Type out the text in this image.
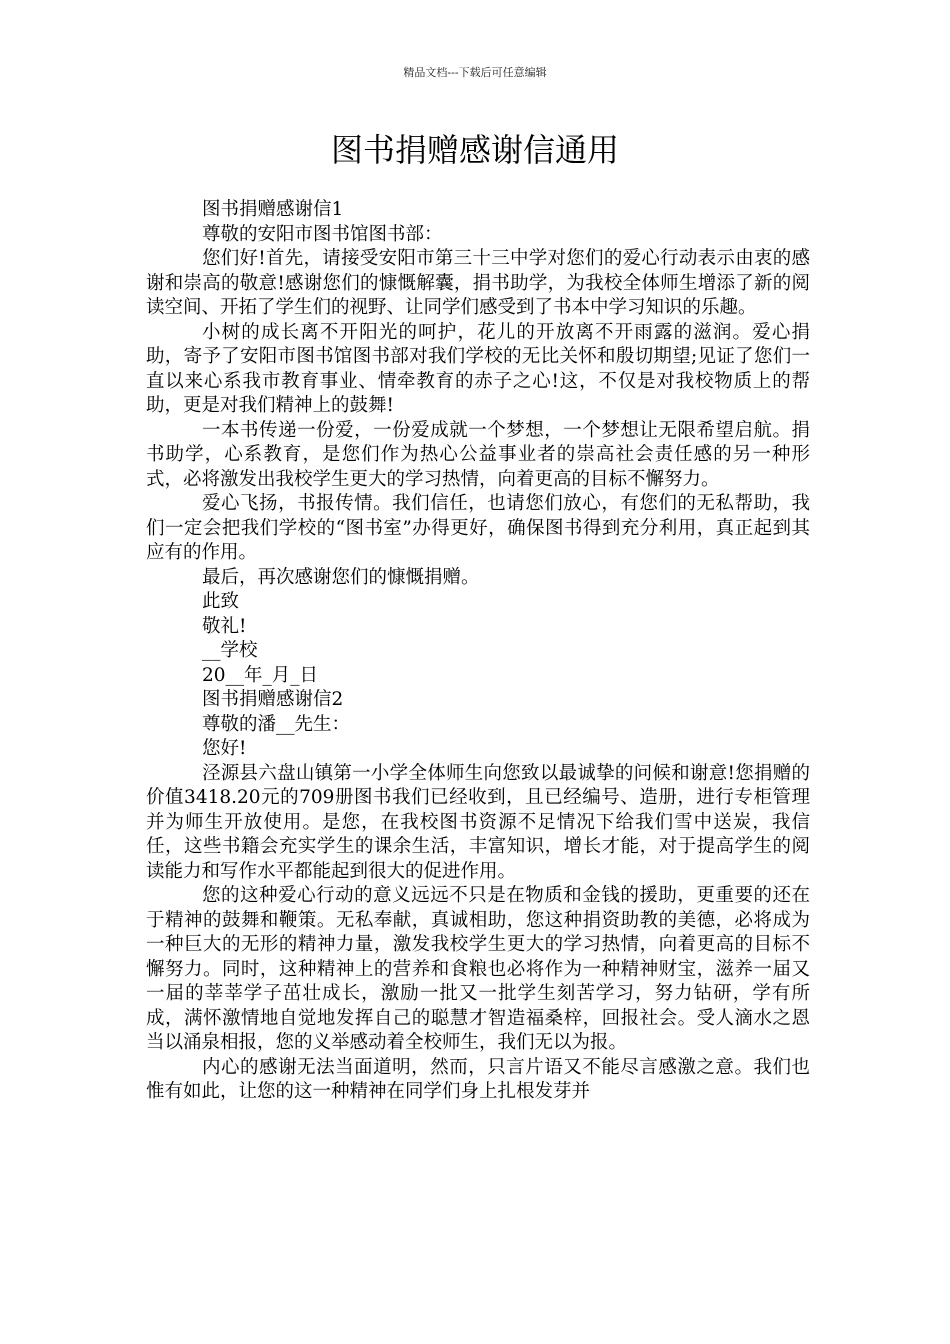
精品文档---下载后可任意编辑
图书捐赠感谢信通用

图书捐赠感谢信1

尊敬的安阳市图书馆图书部：

您们好!首先，请接受安阳市第三十三中学对您们的爱心行动表示由衷的感谢和崇高的敬意!感谢您们的慷慨解囊，捐书助学，为我校全体师生增添了新的阅读空间、开拓了学生们的视野、让同学们感受到了书本中学习知识的乐趣。

小树的成长离不开阳光的呵护，花儿的开放离不开雨露的滋润。爱心捐助，寄予了安阳市图书馆图书部对我们学校的无比关怀和殷切期望;见证了您们一直以来心系我市教育事业、情牵教育的赤子之心!这，不仅是对我校物质上的帮助，更是对我们精神上的鼓舞!

一本书传递一份爱，一份爱成就一个梦想，一个梦想让无限希望启航。捐书助学，心系教育，是您们作为热心公益事业者的崇高社会责任感的另一种形式，必将激发出我校学生更大的学习热情，向着更高的目标不懈努力。

爱心飞扬，书报传情。我们信任，也请您们放心，有您们的无私帮助，我们一定会把我们学校的“图书室”办得更好，确保图书得到充分利用，真正起到其应有的作用。

最后，再次感谢您们的慷慨捐赠。

此致

敬礼!

__学校

20__年_月_日

图书捐赠感谢信2

尊敬的潘__先生：

您好!

泾源县六盘山镇第一小学全体师生向您致以最诚挚的问候和谢意!您捐赠的价值3418.20元的709册图书我们已经收到，且已经编号、造册，进行专柜管理并为师生开放使用。是您，在我校图书资源不足情况下给我们雪中送炭，我信任，这些书籍会充实学生的课余生活，丰富知识，增长才能，对于提高学生的阅读能力和写作水平都能起到很大的促进作用。

您的这种爱心行动的意义远远不只是在物质和金钱的援助，更重要的还在于精神的鼓舞和鞭策。无私奉献，真诚相助，您这种捐资助教的美德，必将成为一种巨大的无形的精神力量，激发我校学生更大的学习热情，向着更高的目标不懈努力。同时，这种精神上的营养和食粮也必将作为一种精神财宝，滋养一届又一届的莘莘学子茁壮成长，激励一批又一批学生刻苦学习，努力钻研，学有所成，满怀激情地自觉地发挥自己的聪慧才智造福桑梓，回报社会。受人滴水之恩当以涌泉相报，您的义举感动着全校师生，我们无以为报。

内心的感谢无法当面道明，然而，只言片语又不能尽言感激之意。我们也惟有如此，让您的这一种精神在同学们身上扎根发芽并
